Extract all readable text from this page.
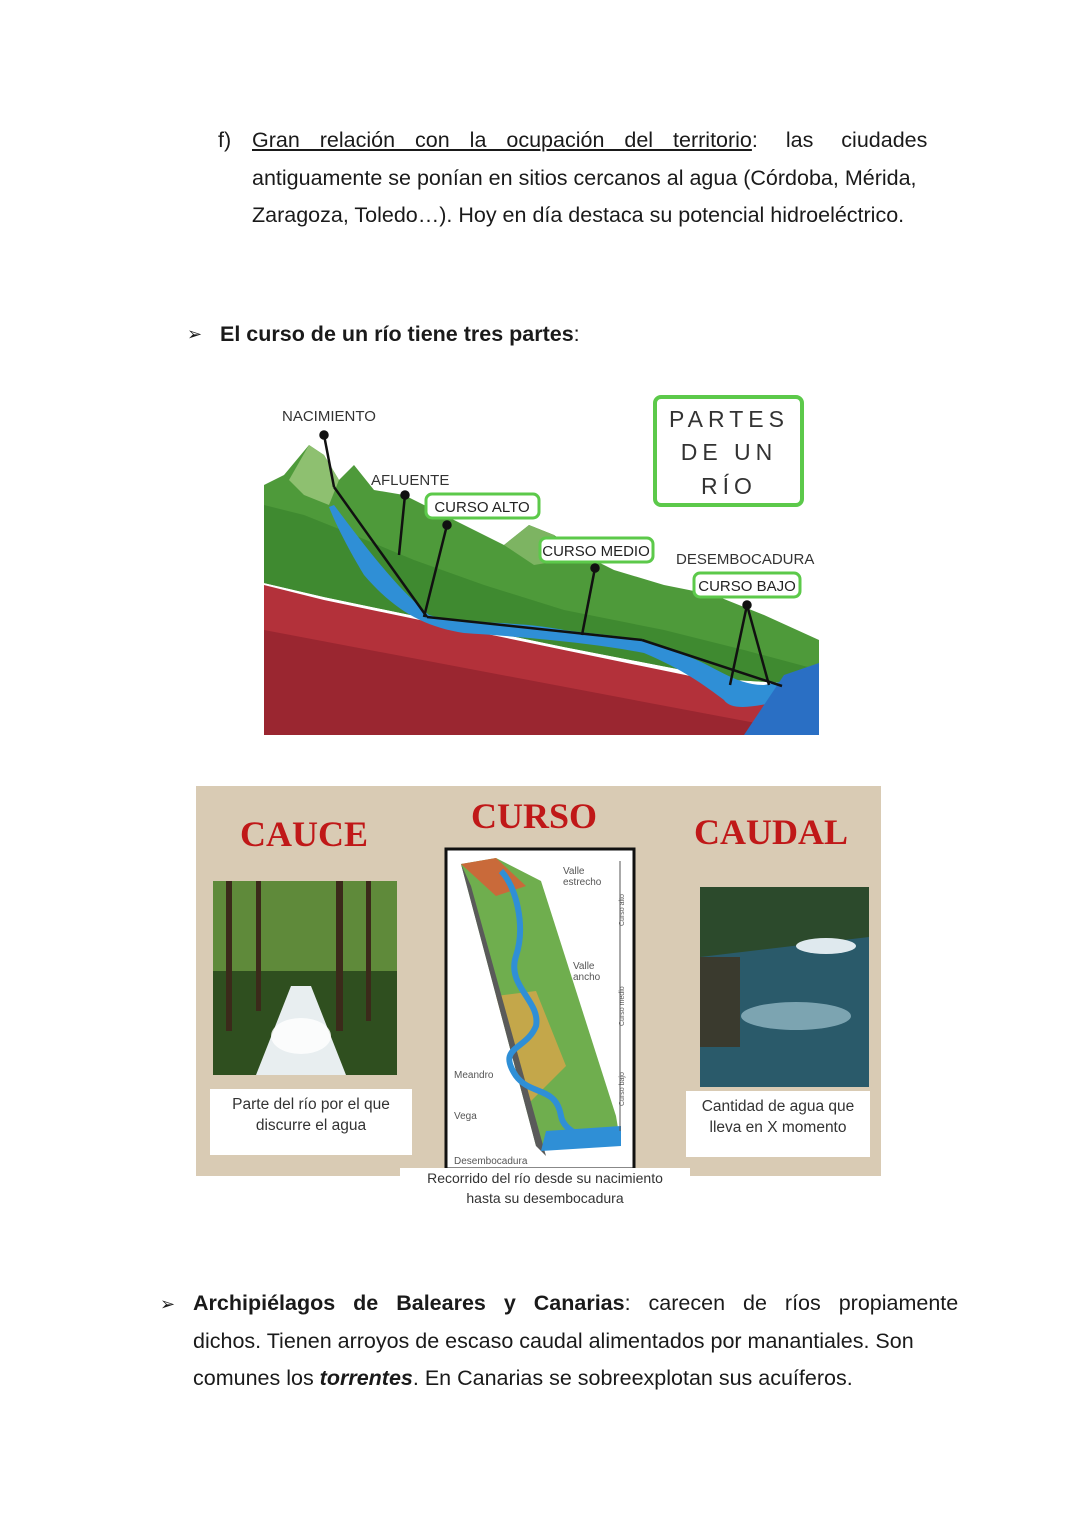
f) Gran relación con la ocupación del territorio : las ciudades
antiguamente se ponían en sitios cercanos al agua (Córdoba, Mérida,
Zaragoza, Toledo…). Hoy en día destaca su potencial hidroeléctrico.
➢ El curso de un río tiene tres partes:
PARTES
DE UN
RÍO
NACIMIENTO
AFLUENTE
DESEMBOCADURA
CURSO ALTO
CURSO MEDIO
CURSO BAJO
CAUCE	CURSO	CAUDAL
Valle
estrecho
Valle
ancho
Meandro
Vega
Desembocadura
Curso alto
Curso medio
Curso bajo
Parte del río por el que
discurre el agua
Cantidad de agua que
lleva en X momento
Recorrido del río desde su nacimiento
hasta su desembocadura
➢ Archipiélagos de Baleares y Canarias : carecen de ríos propiamente
dichos. Tienen arroyos de escaso caudal alimentados por manantiales. Son
comunes los torrentes. En Canarias se sobreexplotan sus acuíferos.
